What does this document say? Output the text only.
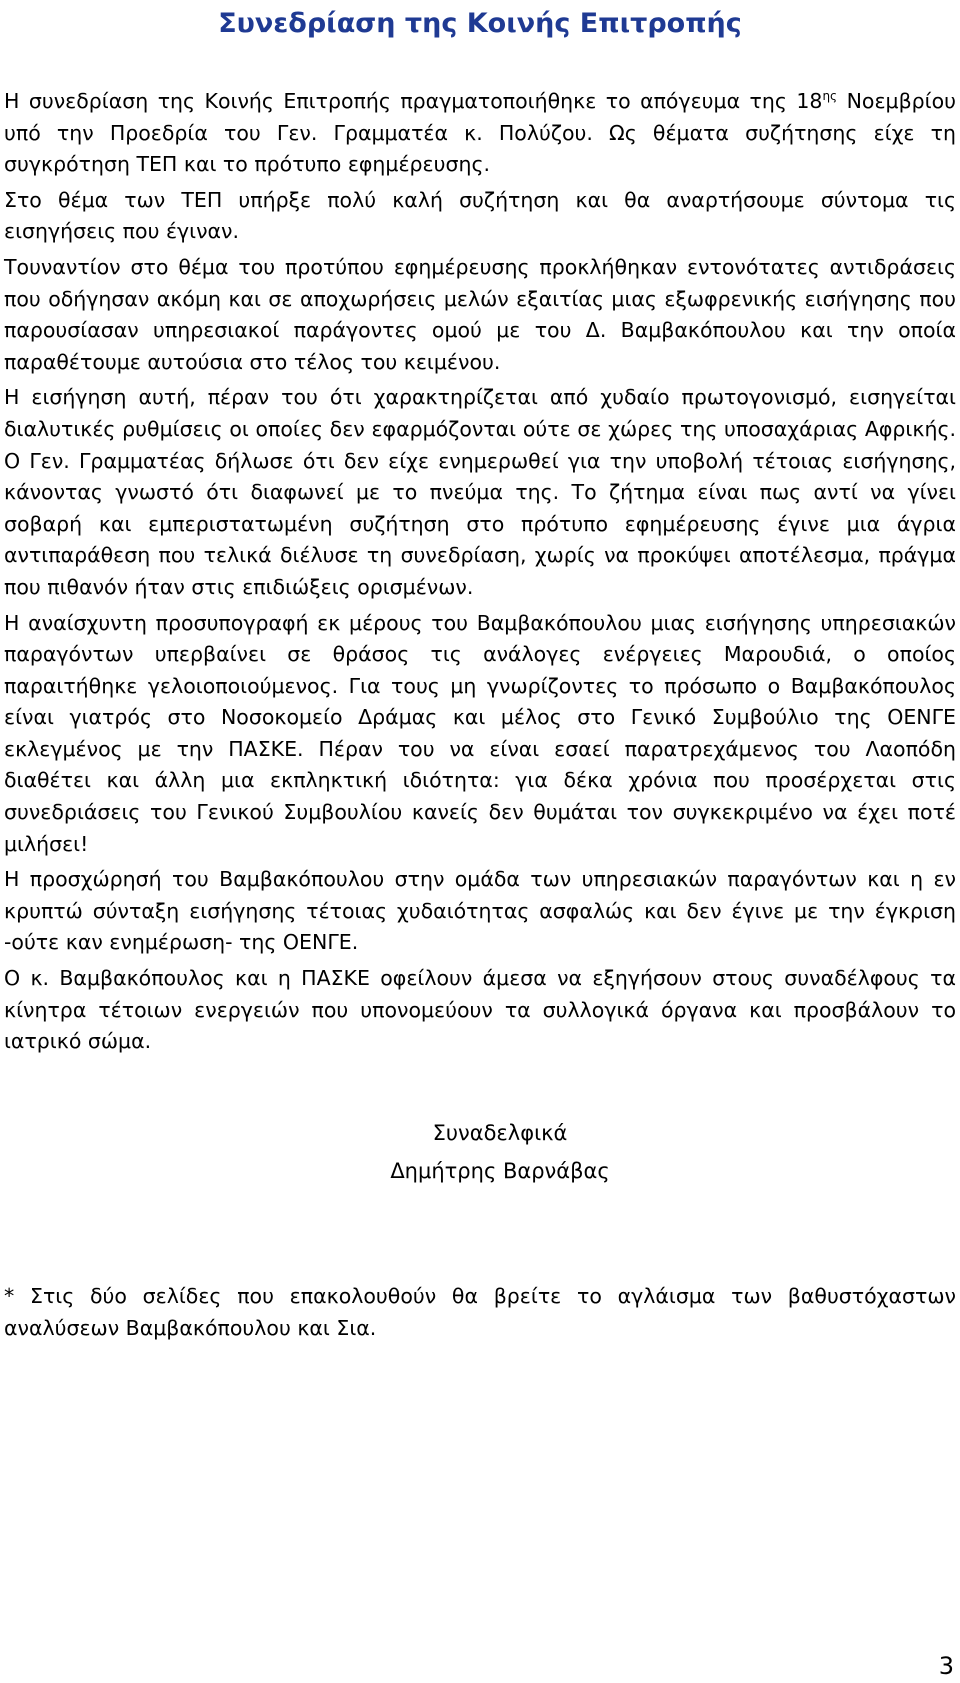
Συνεδρίαση της Κοινής Επιτροπής

Η συνεδρίαση της Κοινής Επιτροπής πραγματοποιήθηκε το απόγευμα της $18^{\eta\varsigma}$ Νοεμβρίου υπό την Προεδρία του Γεν. Γραμματέα κ. Πολύζου. Ως θέματα συζήτησης είχε τη συγκρότηση ΤΕΠ και το πρότυπο εφημέρευσης.

Στο θέμα των ΤΕΠ υπήρξε πολύ καλή συζήτηση και θα αναρτήσουμε σύντομα τις εισηγήσεις που έγιναν.

Τουναντίον στο θέμα του προτύπου εφημέρευσης προκλήθηκαν εντονότατες αντιδράσεις που οδήγησαν ακόμη και σε αποχωρήσεις μελών εξαιτίας μιας εξωφρενικής εισήγησης που παρουσίασαν υπηρεσιακοί παράγοντες ομού με του Δ. Βαμβακόπουλου και την οποία παραθέτουμε αυτούσια στο τέλος του κειμένου.

Η εισήγηση αυτή, πέραν του ότι χαρακτηρίζεται από χυδαίο πρωτογονισμό, εισηγείται διαλυτικές ρυθμίσεις οι οποίες δεν εφαρμόζονται ούτε σε χώρες της υποσαχάριας Αφρικής. Ο Γεν. Γραμματέας δήλωσε ότι δεν είχε ενημερωθεί για την υποβολή τέτοιας εισήγησης, κάνοντας γνωστό ότι διαφωνεί με το πνεύμα της. Το ζήτημα είναι πως αντί να γίνει σοβαρή και εμπεριστατωμένη συζήτηση στο πρότυπο εφημέρευσης έγινε μια άγρια αντιπαράθεση που τελικά διέλυσε τη συνεδρίαση, χωρίς να προκύψει αποτέλεσμα, πράγμα που πιθανόν ήταν στις επιδιώξεις ορισμένων.

Η αναίσχυντη προσυπογραφή εκ μέρους του Βαμβακόπουλου μιας εισήγησης υπηρεσιακών παραγόντων υπερβαίνει σε θράσος τις ανάλογες ενέργειες Μαρουδιά, ο οποίος παραιτήθηκε γελοιοποιούμενος. Για τους μη γνωρίζοντες το πρόσωπο ο Βαμβακόπουλος είναι γιατρός στο Νοσοκομείο Δράμας και μέλος στο Γενικό Συμβούλιο της ΟΕΝΓΕ εκλεγμένος με την ΠΑΣΚΕ. Πέραν του να είναι εσαεί παρατρεχάμενος του Λαοπόδη διαθέτει και άλλη μια εκπληκτική ιδιότητα: για δέκα χρόνια που προσέρχεται στις συνεδριάσεις του Γενικού Συμβουλίου κανείς δεν θυμάται τον συγκεκριμένο να έχει ποτέ μιλήσει!

Η προσχώρησή του Βαμβακόπουλου στην ομάδα των υπηρεσιακών παραγόντων και η εν κρυπτώ σύνταξη εισήγησης τέτοιας χυδαιότητας ασφαλώς και δεν έγινε με την έγκριση -ούτε καν ενημέρωση- της ΟΕΝΓΕ.

Ο κ. Βαμβακόπουλος και η ΠΑΣΚΕ οφείλουν άμεσα να εξηγήσουν στους συναδέλφους τα κίνητρα τέτοιων ενεργειών που υπονομεύουν τα συλλογικά όργανα και προσβάλουν το ιατρικό σώμα.

Συναδελφικά
Δημήτρης Βαρνάβας
* Στις δύο σελίδες που επακολουθούν θα βρείτε το αγλάισμα των βαθυστόχαστων αναλύσεων Βαμβακόπουλου και Σια.
3
